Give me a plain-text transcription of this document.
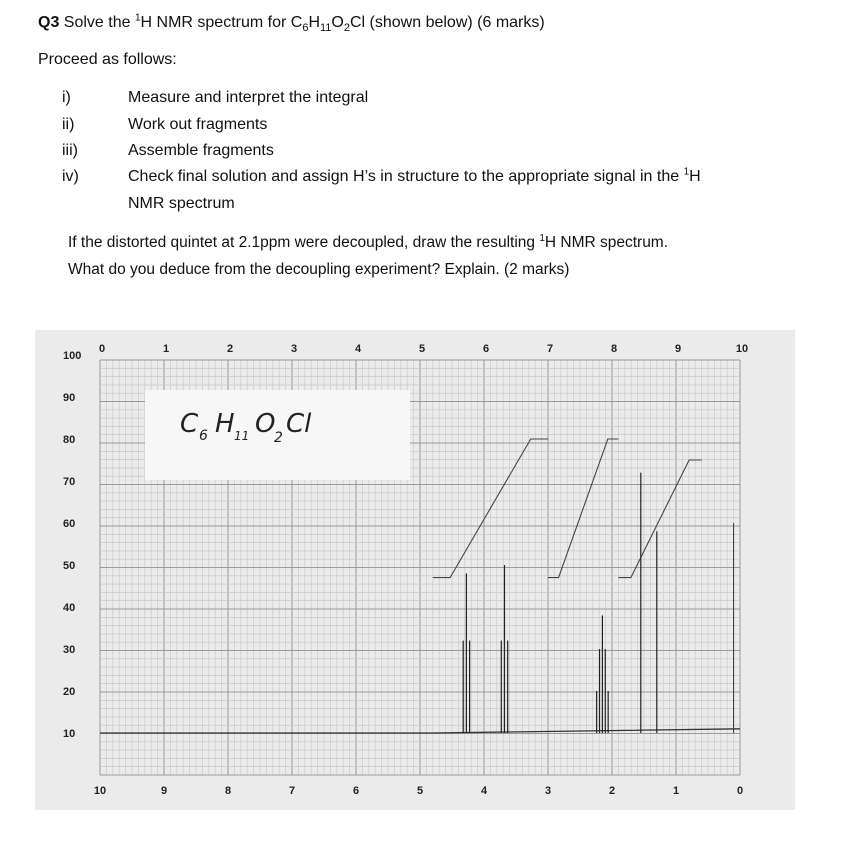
Q3 Solve the $^1$H NMR spectrum for $C_6H_{11}O_2Cl$ (shown below) (6 marks)
Proceed as follows:
i)	Measure and interpret the integral
ii)	Work out fragments
iii)	Assemble fragments
iv)	Check final solution and assign H’s in structure to the appropriate signal in the $^1$H
NMR spectrum
If the distorted quintet at 2.1ppm were decoupled, draw the resulting $^1$H NMR spectrum.
What do you deduce from the decoupling experiment? Explain. (2 marks)
C 6 H 11 O
2 Cl
0	1	2	3	4	5	6	7	8	9	10
10	9	8	7	6	5	4	3	2	1	0
100
90
80
70
60
50
40
30
20
10
